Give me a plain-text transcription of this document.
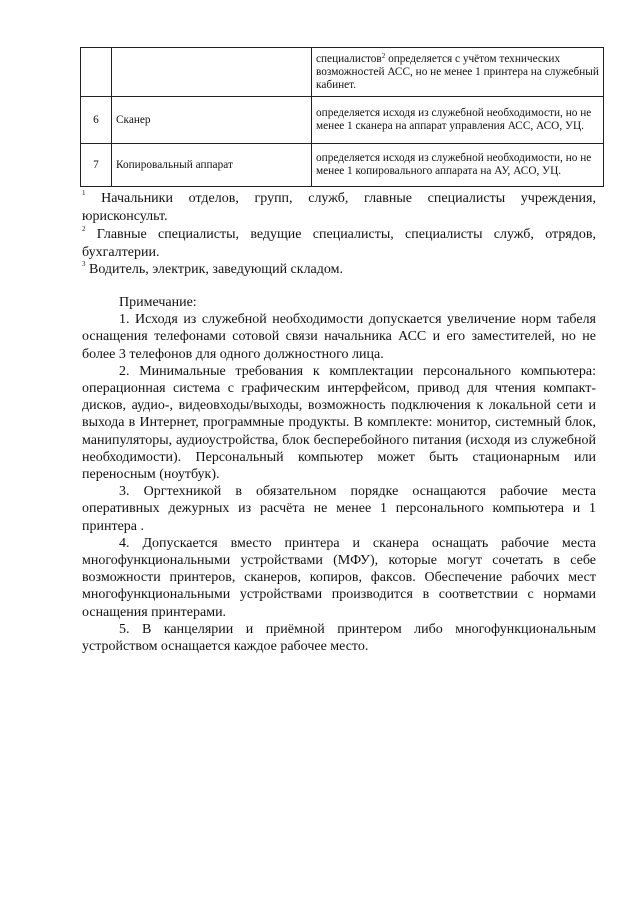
		специалистов$^2$ определяется с учётом технических возможностей АСС, но не менее 1 принтера на служебный кабинет.
6	Сканер	определяется исходя из служебной необходимости, но не менее 1 сканера на аппарат управления АСС, АСО, УЦ.
7	Копировальный аппарат	определяется исходя из служебной необходимости, но не менее 1 копировального аппарата на АУ, АСО, УЦ.
$^1$ Начальники отделов, групп, служб, главные специалисты учреждения, юрисконсульт.
$^2$ Главные специалисты, ведущие специалисты, специалисты служб, отрядов, бухгалтерии.
$^3$ Водитель, электрик, заведующий складом.

Примечание:

1. Исходя из служебной необходимости допускается увеличение норм табеля оснащения телефонами сотовой связи начальника АСС и его заместителей, но не более 3 телефонов для одного должностного лица.

2. Минимальные требования к комплектации персонального компьютера: операционная система с графическим интерфейсом, привод для чтения компакт-дисков, аудио-, видеовходы/выходы, возможность подключения к локальной сети и выхода в Интернет, программные продукты. В комплекте: монитор, системный блок, манипуляторы, аудиоустройства, блок бесперебойного питания (исходя из служебной необходимости). Персональный компьютер может быть стационарным или переносным (ноутбук).

3. Оргтехникой в обязательном порядке оснащаются рабочие места оперативных дежурных из расчёта не менее 1 персонального компьютера и 1 принтера .

4. Допускается вместо принтера и сканера оснащать рабочие места многофункциональными устройствами (МФУ), которые могут сочетать в себе возможности принтеров, сканеров, копиров, факсов. Обеспечение рабочих мест многофункциональными устройствами производится в соответствии с нормами оснащения принтерами.

5. В канцелярии и приёмной принтером либо многофункциональным устройством оснащается каждое рабочее место.
